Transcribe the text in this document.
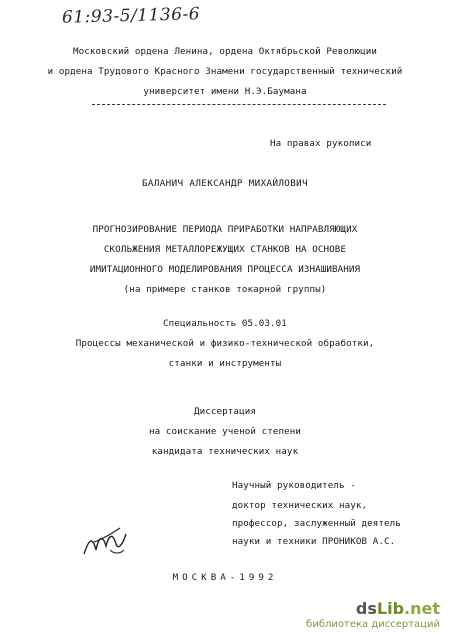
61:93-5/1136-6
Московский ордена Ленина, ордена Октябрьской Революции
и ордена Трудового Красного Знамени государственный технический
университет имени Н.Э.Баумана
На правах рукописи
БАЛАНИЧ АЛЕКСАНДР МИХАЙЛОВИЧ
ПРОГНОЗИРОВАНИЕ ПЕРИОДА ПРИРАБОТКИ НАПРАВЛЯЮЩИХ
СКОЛЬЖЕНИЯ МЕТАЛЛОРЕЖУЩИХ СТАНКОВ НА ОСНОВЕ
ИМИТАЦИОННОГО МОДЕЛИРОВАНИЯ ПРОЦЕССА ИЗНАШИВАНИЯ
(на примере станков токарной группы)
Специальность 05.03.01
Процессы механической и физико-технической обработки,
станки и инструменты
Диссертация
на соискание ученой степени
кандидата технических наук
Научный руководитель -
доктор технических наук,
профессор, заслуженный деятель
науки и техники ПРОНИКОВ А.С.
МОСКВА-1992
dsLib.net
библиотека диссертаций
